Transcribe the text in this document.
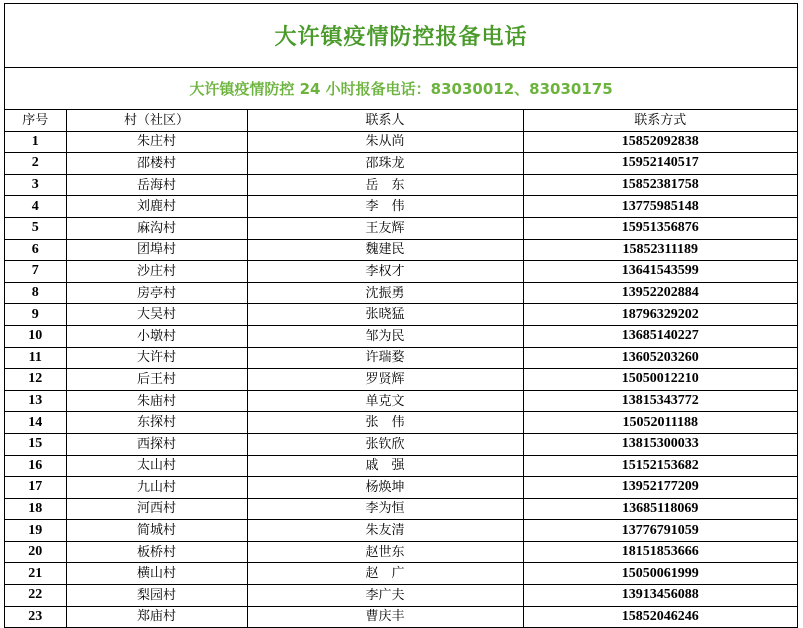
大许镇疫情防控报备电话
大许镇疫情防控 24 小时报备电话：83030012、83030175
序号	村（社区）	联系人	联系方式
1	朱庄村	朱从尚	15852092838
2	邵楼村	邵珠龙	15952140517
3	岳海村	岳　东	15852381758
4	刘鹿村	李　伟	13775985148
5	麻沟村	王友辉	15951356876
6	团埠村	魏建民	15852311189
7	沙庄村	李权才	13641543599
8	房亭村	沈振勇	13952202884
9	大吴村	张晓猛	18796329202
10	小墩村	邹为民	13685140227
11	大许村	许瑞婺	13605203260
12	后王村	罗贤辉	15050012210
13	朱庙村	单克文	13815343772
14	东探村	张　伟	15052011188
15	西探村	张钦欣	13815300033
16	太山村	戚　强	15152153682
17	九山村	杨焕坤	13952177209
18	河西村	李为恒	13685118069
19	简城村	朱友清	13776791059
20	板桥村	赵世东	18151853666
21	横山村	赵　广	15050061999
22	梨园村	李广夫	13913456088
23	郑庙村	曹庆丰	15852046246
